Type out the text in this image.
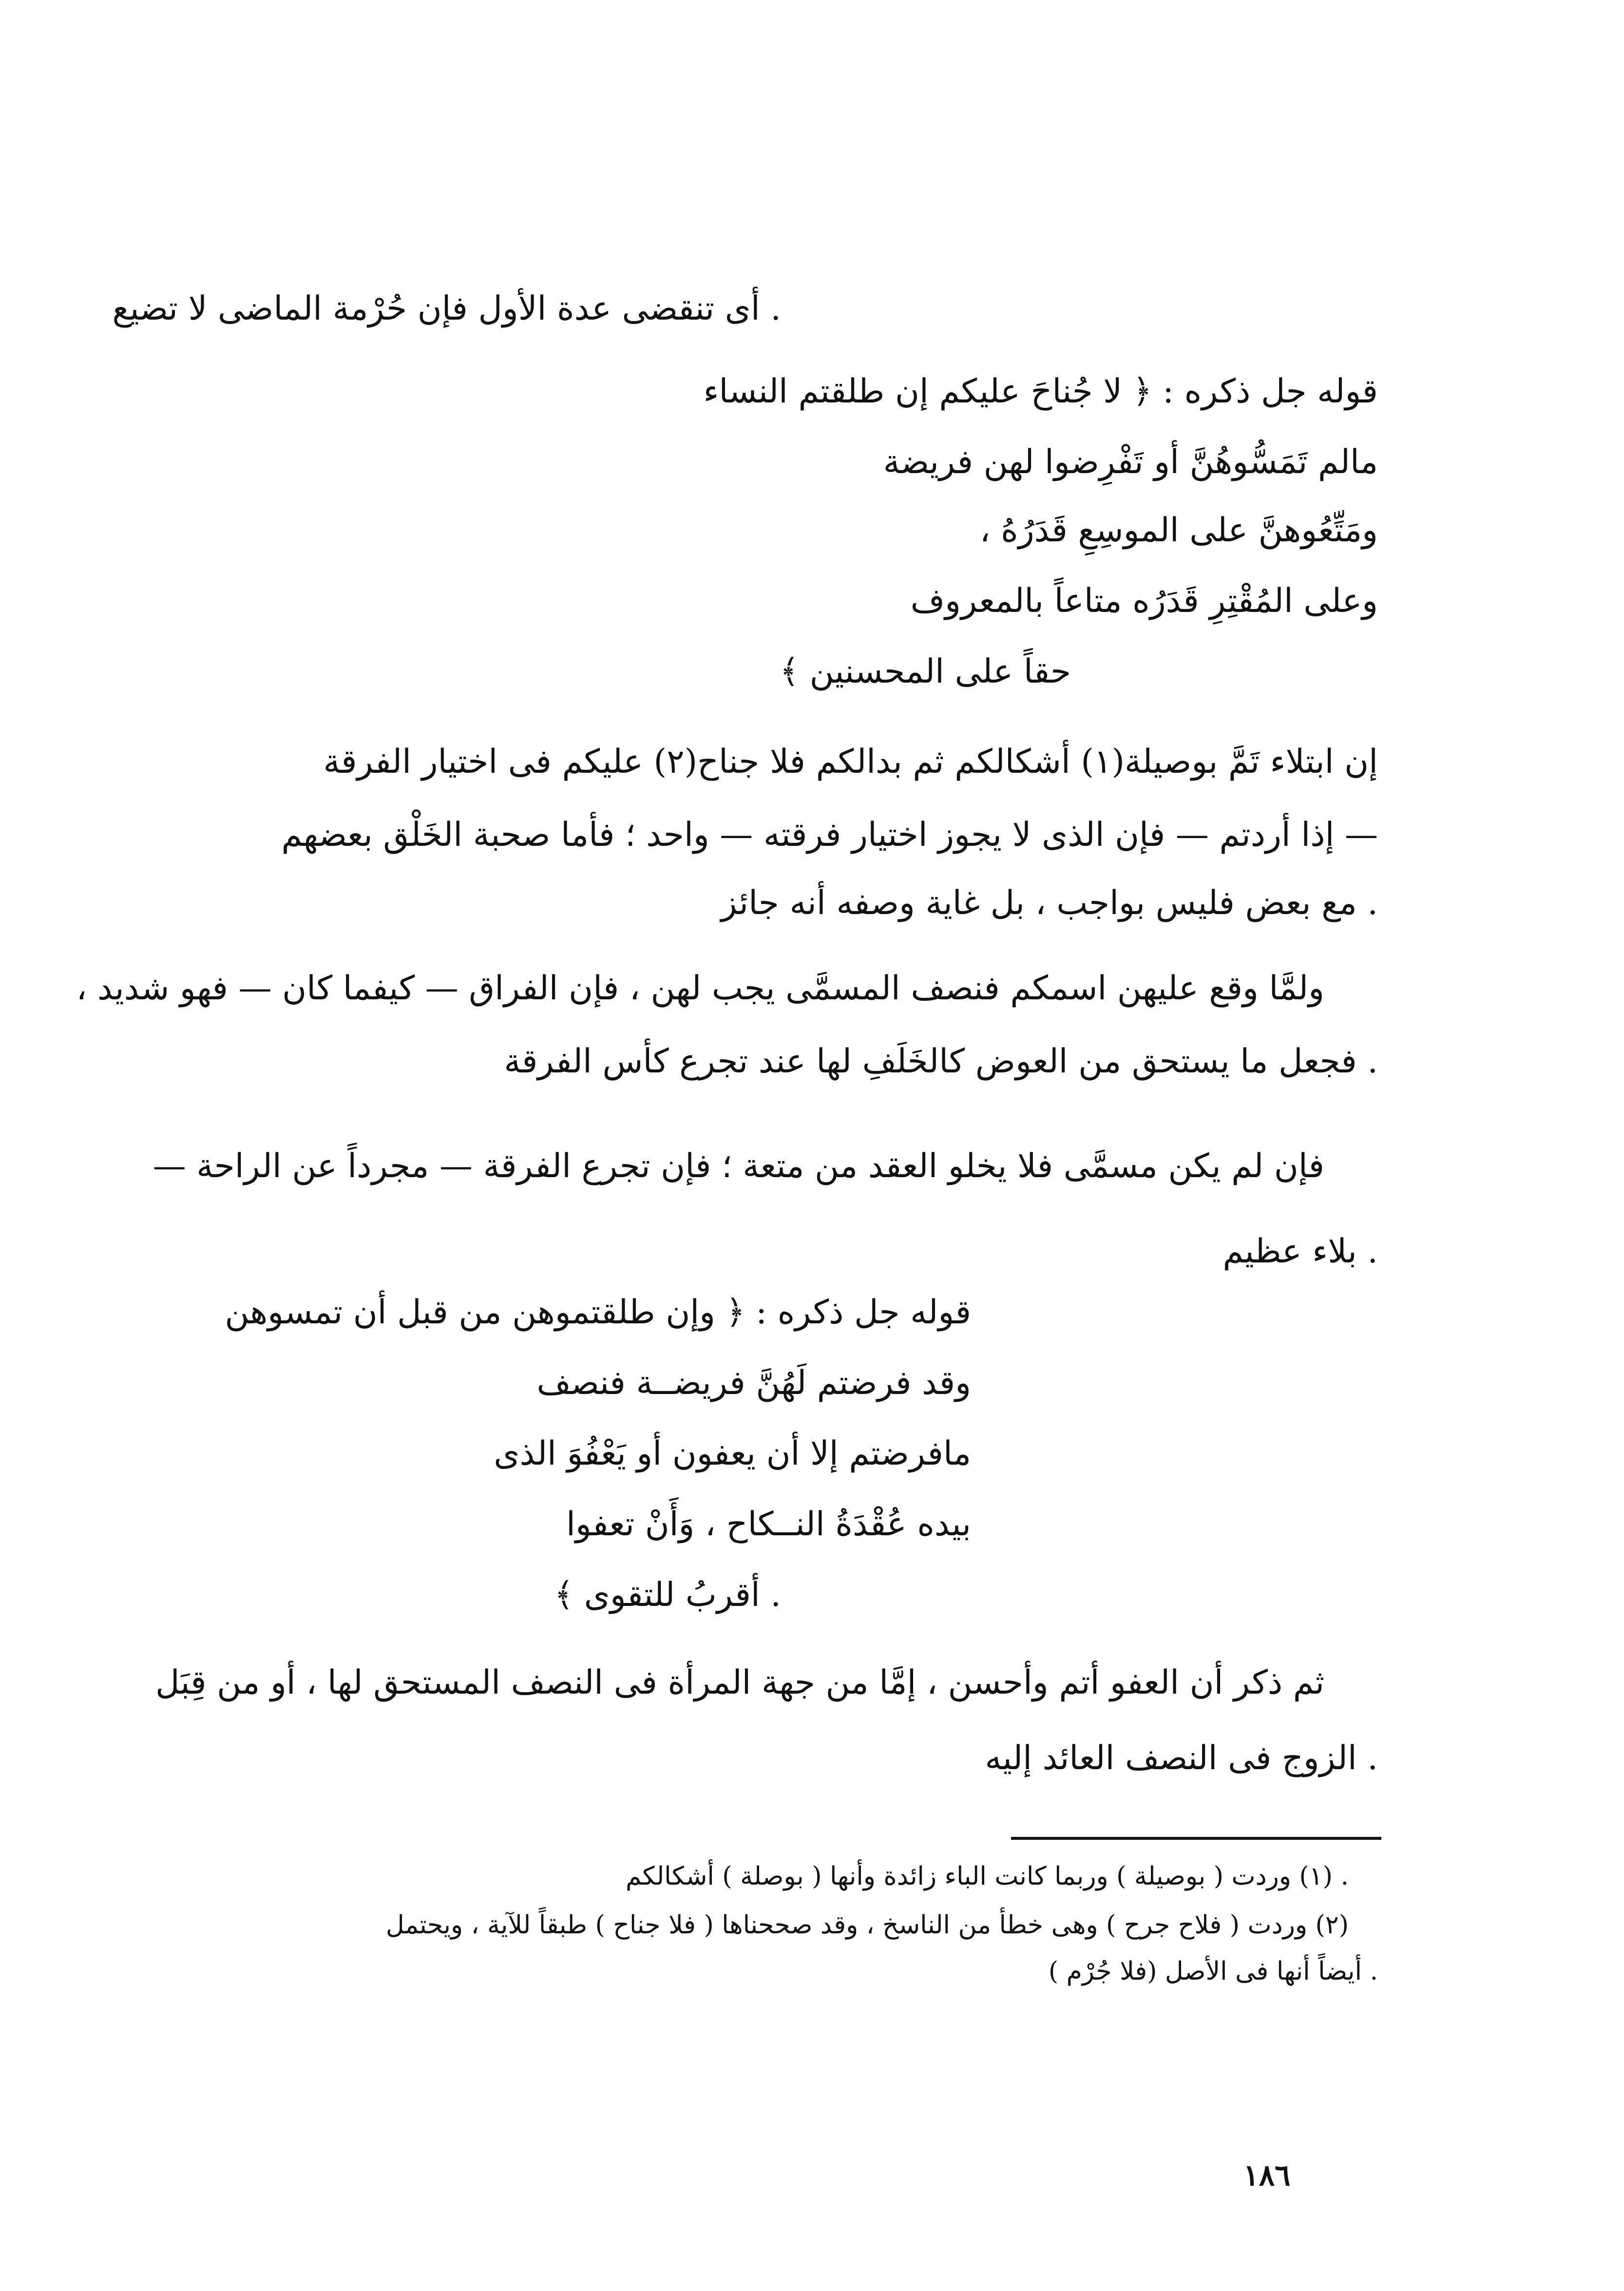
. أى تنقضى عدة الأول فإن حُرْمة الماضى لا تضيع
قوله جل ذكره : ﴿ لا جُناحَ عليكم إن طلقتم النساء
مالم تَمَسُّوهُنَّ أو تَفْرِضوا لهن فريضة
ومَتِّعُوهنَّ على الموسِعِ قَدَرُهُ ،
وعلى المُقْتِرِ قَدَرُه متاعاً بالمعروف
حقاً على المحسنين ﴾
إن ابتلاء تَمَّ بوصيلة(١) أشكالكم ثم بدالكم فلا جناح(٢) عليكم فى اختيار الفرقة
— إذا أردتم — فإن الذى لا يجوز اختيار فرقته — واحد ؛ فأما صحبة الخَلْق بعضهم
. مع بعض فليس بواجب ، بل غاية وصفه أنه جائز
ولمَّا وقع عليهن اسمكم فنصف المسمَّى يجب لهن ، فإن الفراق — كيفما كان — فهو شديد ،
. فجعل ما يستحق من العوض كالخَلَفِ لها عند تجرع كأس الفرقة
فإن لم يكن مسمَّى فلا يخلو العقد من متعة ؛ فإن تجرع الفرقة — مجرداً عن الراحة —
. بلاء عظيم
قوله جل ذكره : ﴿ وإن طلقتموهن من قبل أن تمسوهن
وقد فرضتم لَهُنَّ فريضــة فنصف
مافرضتم إلا أن يعفون أو يَعْفُوَ الذى
بيده عُقْدَةُ النــكاح ، وَأَنْ تعفوا
. أقربُ للتقوى ﴾
ثم ذكر أن العفو أتم وأحسن ، إمَّا من جهة المرأة فى النصف المستحق لها ، أو من قِبَل
. الزوج فى النصف العائد إليه
. (١) وردت ( بوصيلة ) وربما كانت الباء زائدة وأنها ( بوصلة ) أشكالكم
(٢) وردت ( فلاح جرح ) وهى خطأ من الناسخ ، وقد صححناها ( فلا جناح ) طبقاً للآية ، ويحتمل
. أيضاً أنها فى الأصل (فلا جُرْم )
١٨٦
